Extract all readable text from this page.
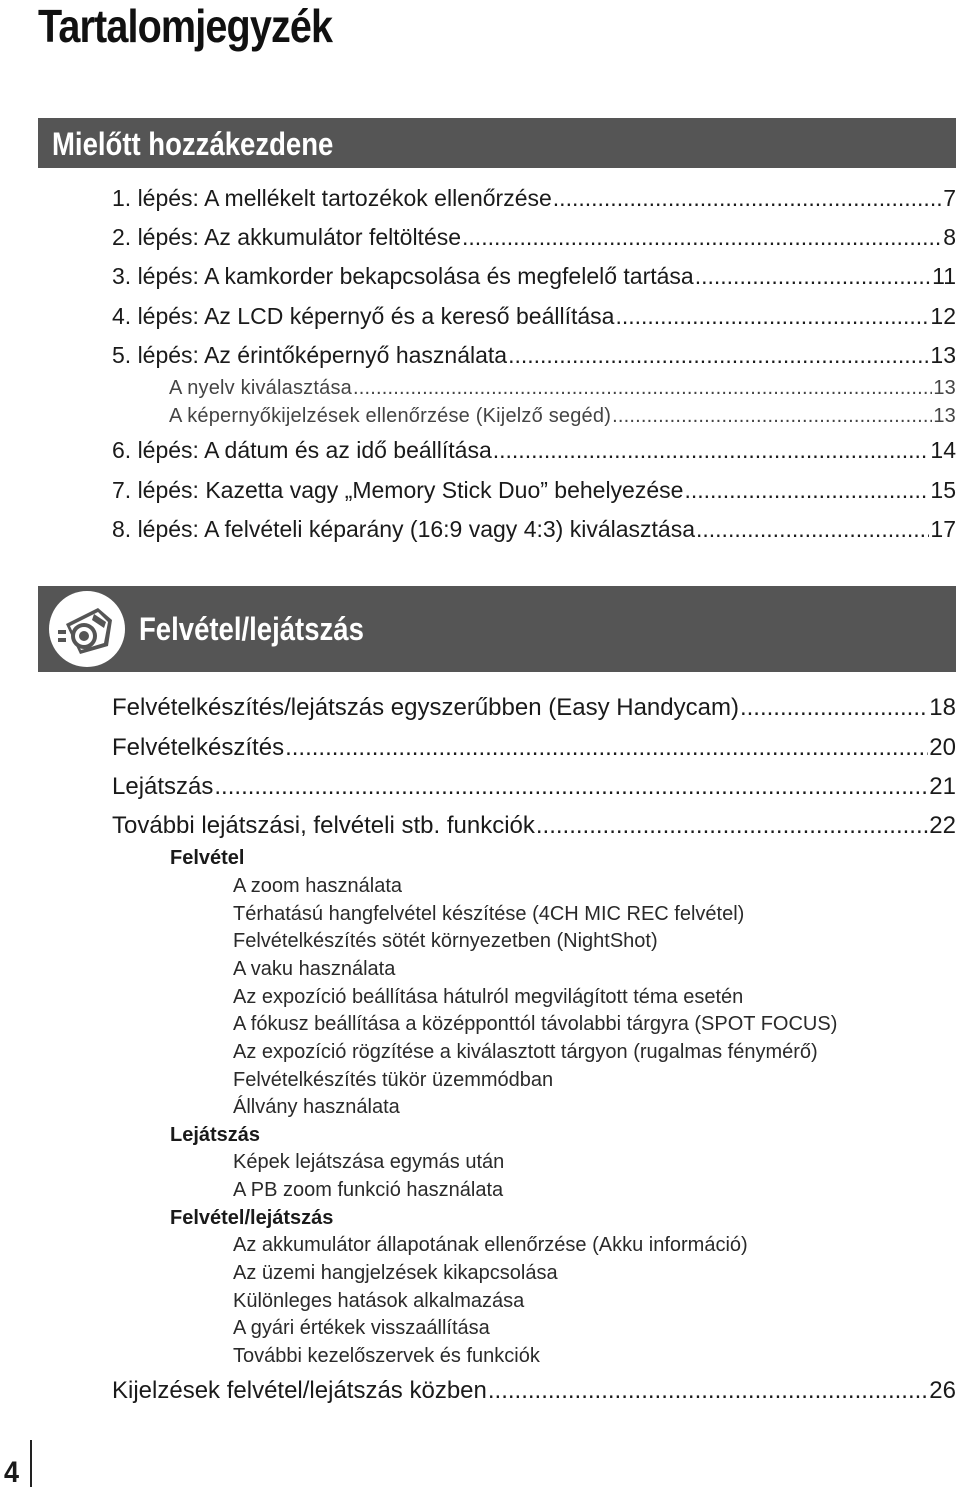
Tartalomjegyzék
Mielőtt hozzákezdene
1. lépés: A mellékelt tartozékok ellenőrzése .....	7
2. lépés: Az akkumulátor feltöltése .....	8
3. lépés: A kamkorder bekapcsolása és megfelelő tartása .....	11
4. lépés: Az LCD képernyő és a kereső beállítása .....	12
5. lépés: Az érintőképernyő használata .....	13
A nyelv kiválasztása .....	13
A képernyőkijelzések ellenőrzése (Kijelző segéd) .....	13
6. lépés: A dátum és az idő beállítása .....	14
7. lépés: Kazetta vagy „Memory Stick Duo” behelyezése .....	15
8. lépés: A felvételi képarány (16:9 vagy 4:3) kiválasztása .....	17
Felvétel/lejátszás
Felvételkészítés/lejátszás egyszerűbben (Easy Handycam) .....	18
Felvételkészítés .....	20
Lejátszás .....	21
További lejátszási, felvételi stb. funkciók .....	22
Felvétel
A zoom használata
Térhatású hangfelvétel készítése (4CH MIC REC felvétel)
Felvételkészítés sötét környezetben (NightShot)
A vaku használata
Az expozíció beállítása hátulról megvilágított téma esetén
A fókusz beállítása a középponttól távolabbi tárgyra (SPOT FOCUS)
Az expozíció rögzítése a kiválasztott tárgyon (rugalmas fénymérő)
Felvételkészítés tükör üzemmódban
Állvány használata
Lejátszás
Képek lejátszása egymás után
A PB zoom funkció használata
Felvétel/lejátszás
Az akkumulátor állapotának ellenőrzése (Akku információ)
Az üzemi hangjelzések kikapcsolása
Különleges hatások alkalmazása
A gyári értékek visszaállítása
További kezelőszervek és funkciók
Kijelzések felvétel/lejátszás közben .....	26
4
